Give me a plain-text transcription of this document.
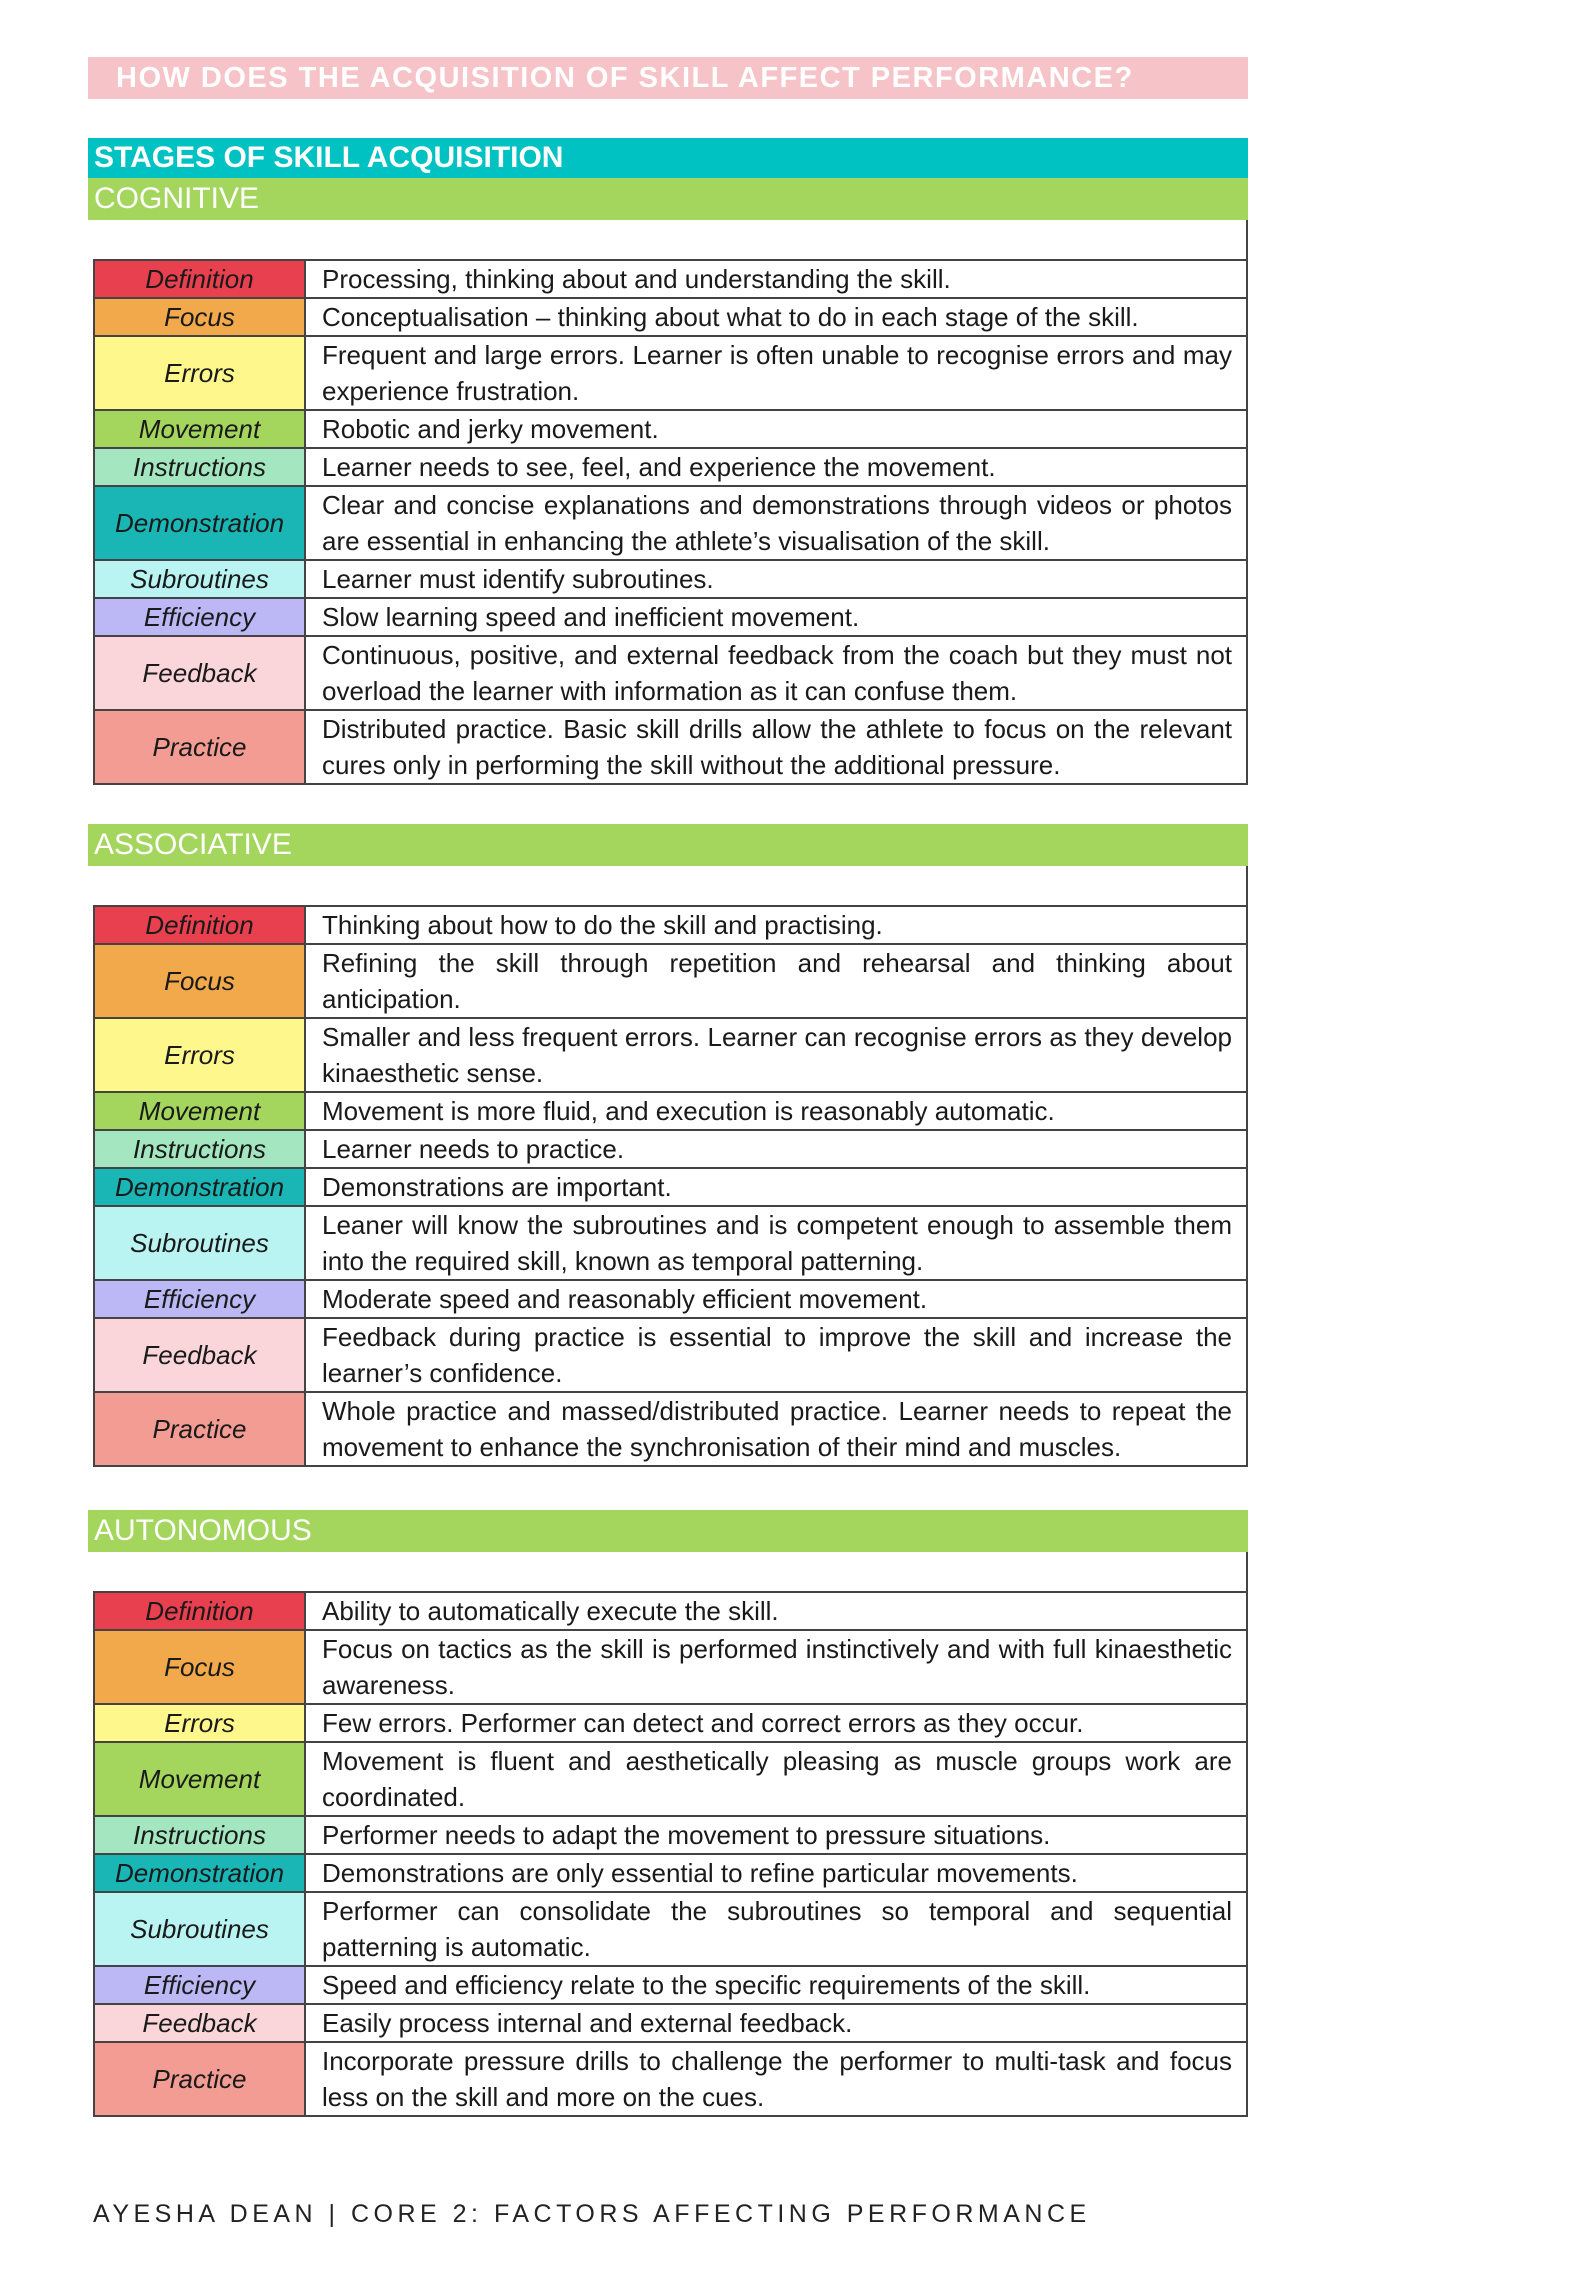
HOW DOES THE ACQUISITION OF SKILL AFFECT PERFORMANCE?
STAGES OF SKILL ACQUISITION
COGNITIVE
Definition	Processing, thinking about and understanding the skill.
Focus	Conceptualisation – thinking about what to do in each stage of the skill.
Errors	Frequent and large errors. Learner is often unable to recognise errors and may experience frustration.
Movement	Robotic and jerky movement.
Instructions	Learner needs to see, feel, and experience the movement.
Demonstration	Clear and concise explanations and demonstrations through videos or photos are essential in enhancing the athlete’s visualisation of the skill.
Subroutines	Learner must identify subroutines.
Efficiency	Slow learning speed and inefficient movement.
Feedback	Continuous, positive, and external feedback from the coach but they must not overload the learner with information as it can confuse them.
Practice	Distributed practice. Basic skill drills allow the athlete to focus on the relevant cures only in performing the skill without the additional pressure.
ASSOCIATIVE
Definition	Thinking about how to do the skill and practising.
Focus	Refining the skill through repetition and rehearsal and thinking about anticipation.
Errors	Smaller and less frequent errors. Learner can recognise errors as they develop kinaesthetic sense.
Movement	Movement is more fluid, and execution is reasonably automatic.
Instructions	Learner needs to practice.
Demonstration	Demonstrations are important.
Subroutines	Leaner will know the subroutines and is competent enough to assemble them into the required skill, known as temporal patterning.
Efficiency	Moderate speed and reasonably efficient movement.
Feedback	Feedback during practice is essential to improve the skill and increase the learner’s confidence.
Practice	Whole practice and massed/distributed practice. Learner needs to repeat the movement to enhance the synchronisation of their mind and muscles.
AUTONOMOUS
Definition	Ability to automatically execute the skill.
Focus	Focus on tactics as the skill is performed instinctively and with full kinaesthetic awareness.
Errors	Few errors. Performer can detect and correct errors as they occur.
Movement	Movement is fluent and aesthetically pleasing as muscle groups work are coordinated.
Instructions	Performer needs to adapt the movement to pressure situations.
Demonstration	Demonstrations are only essential to refine particular movements.
Subroutines	Performer can consolidate the subroutines so temporal and sequential patterning is automatic.
Efficiency	Speed and efficiency relate to the specific requirements of the skill.
Feedback	Easily process internal and external feedback.
Practice	Incorporate pressure drills to challenge the performer to multi-task and focus less on the skill and more on the cues.
AYESHA DEAN | CORE 2: FACTORS AFFECTING PERFORMANCE
